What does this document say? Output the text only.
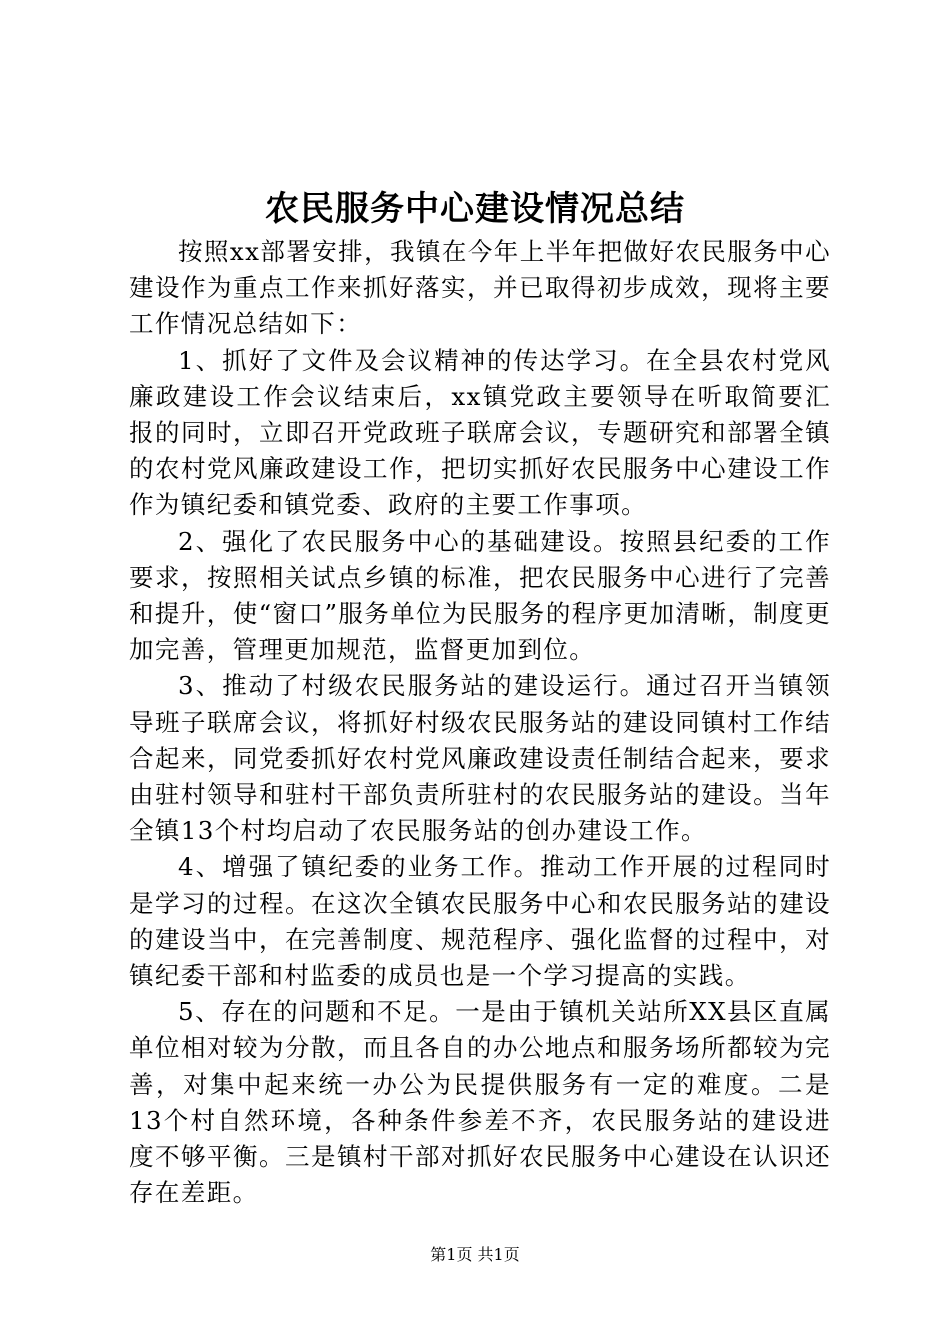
农民服务中心建设情况总结

按照xx部署安排，我镇在今年上半年把做好农民服务中心建设作为重点工作来抓好落实，并已取得初步成效，现将主要工作情况总结如下：

1、抓好了文件及会议精神的传达学习。在全县农村党风廉政建设工作会议结束后，xx镇党政主要领导在听取简要汇报的同时，立即召开党政班子联席会议，专题研究和部署全镇的农村党风廉政建设工作，把切实抓好农民服务中心建设工作作为镇纪委和镇党委、政府的主要工作事项。

2、强化了农民服务中心的基础建设。按照县纪委的工作要求，按照相关试点乡镇的标准，把农民服务中心进行了完善和提升，使“窗口”服务单位为民服务的程序更加清晰，制度更加完善，管理更加规范，监督更加到位。

3、推动了村级农民服务站的建设运行。通过召开当镇领导班子联席会议，将抓好村级农民服务站的建设同镇村工作结合起来，同党委抓好农村党风廉政建设责任制结合起来，要求由驻村领导和驻村干部负责所驻村的农民服务站的建设。当年全镇13个村均启动了农民服务站的创办建设工作。

4、增强了镇纪委的业务工作。推动工作开展的过程同时是学习的过程。在这次全镇农民服务中心和农民服务站的建设的建设当中，在完善制度、规范程序、强化监督的过程中，对镇纪委干部和村监委的成员也是一个学习提高的实践。

5、存在的问题和不足。一是由于镇机关站所XX县区直属单位相对较为分散，而且各自的办公地点和服务场所都较为完善，对集中起来统一办公为民提供服务有一定的难度。二是13个村自然环境，各种条件参差不齐，农民服务站的建设进度不够平衡。三是镇村干部对抓好农民服务中心建设在认识还存在差距。

第1页 共1页
